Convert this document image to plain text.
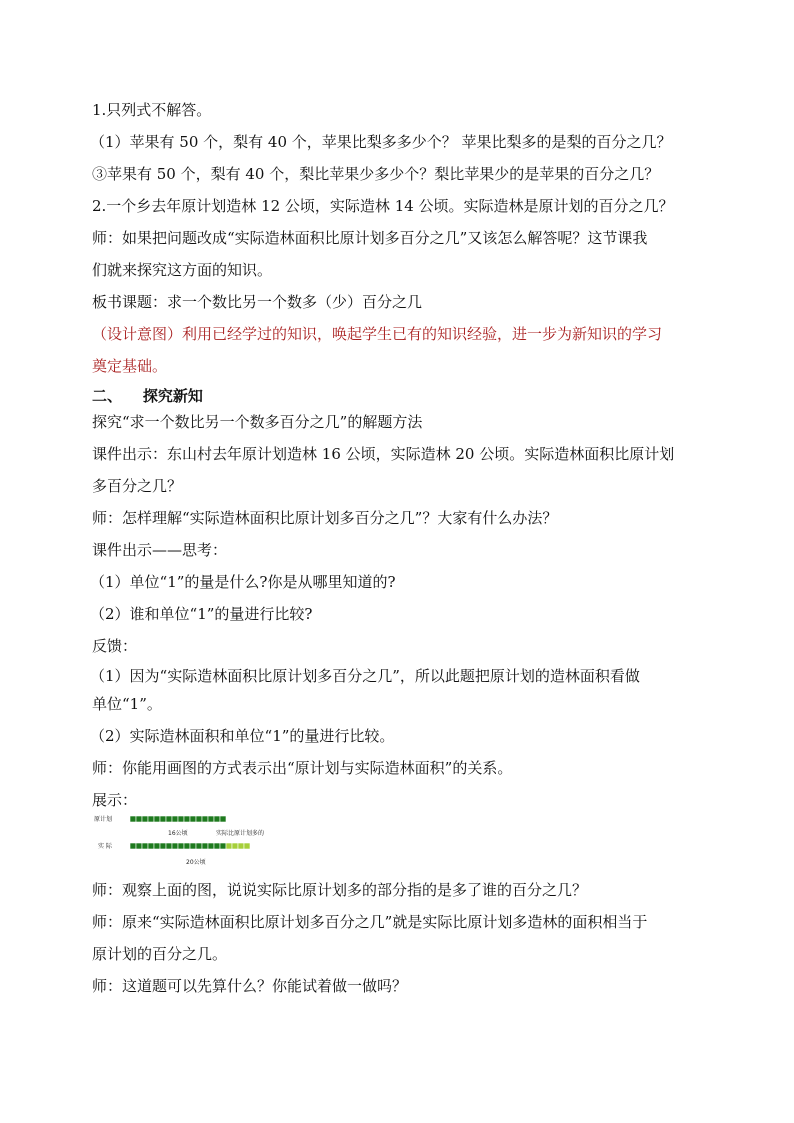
1.只列式不解答。
（1）苹果有 50 个，梨有 40 个，苹果比梨多多少个？ 苹果比梨多的是梨的百分之几？
③苹果有 50 个，梨有 40 个，梨比苹果少多少个？梨比苹果少的是苹果的百分之几？
2.一个乡去年原计划造林 12 公顷，实际造林 14 公顷。实际造林是原计划的百分之几？
师：如果把问题改成“实际造林面积比原计划多百分之几”又该怎么解答呢？这节课我
们就来探究这方面的知识。
板书课题：求一个数比另一个数多（少）百分之几
（设计意图）利用已经学过的知识，唤起学生已有的知识经验，进一步为新知识的学习
奠定基础。
二、    探究新知
探究“求一个数比另一个数多百分之几”的解题方法
课件出示：东山村去年原计划造林 16 公顷，实际造林 20 公顷。实际造林面积比原计划
多百分之几？
师：怎样理解“实际造林面积比原计划多百分之几”？大家有什么办法？
课件出示——思考：
（1）单位“1”的量是什么?你是从哪里知道的?
（2）谁和单位“1”的量进行比较?
反馈：
（1）因为“实际造林面积比原计划多百分之几”，所以此题把原计划的造林面积看做
单位“1”。
（2）实际造林面积和单位“1”的量进行比较。
师：你能用画图的方式表示出“原计划与实际造林面积”的关系。
展示：
原计划
16公顷	实际比原计划多的
实 际
20公顷
师：观察上面的图，说说实际比原计划多的部分指的是多了谁的百分之几？
师：原来“实际造林面积比原计划多百分之几”就是实际比原计划多造林的面积相当于
原计划的百分之几。
师：这道题可以先算什么？你能试着做一做吗？
